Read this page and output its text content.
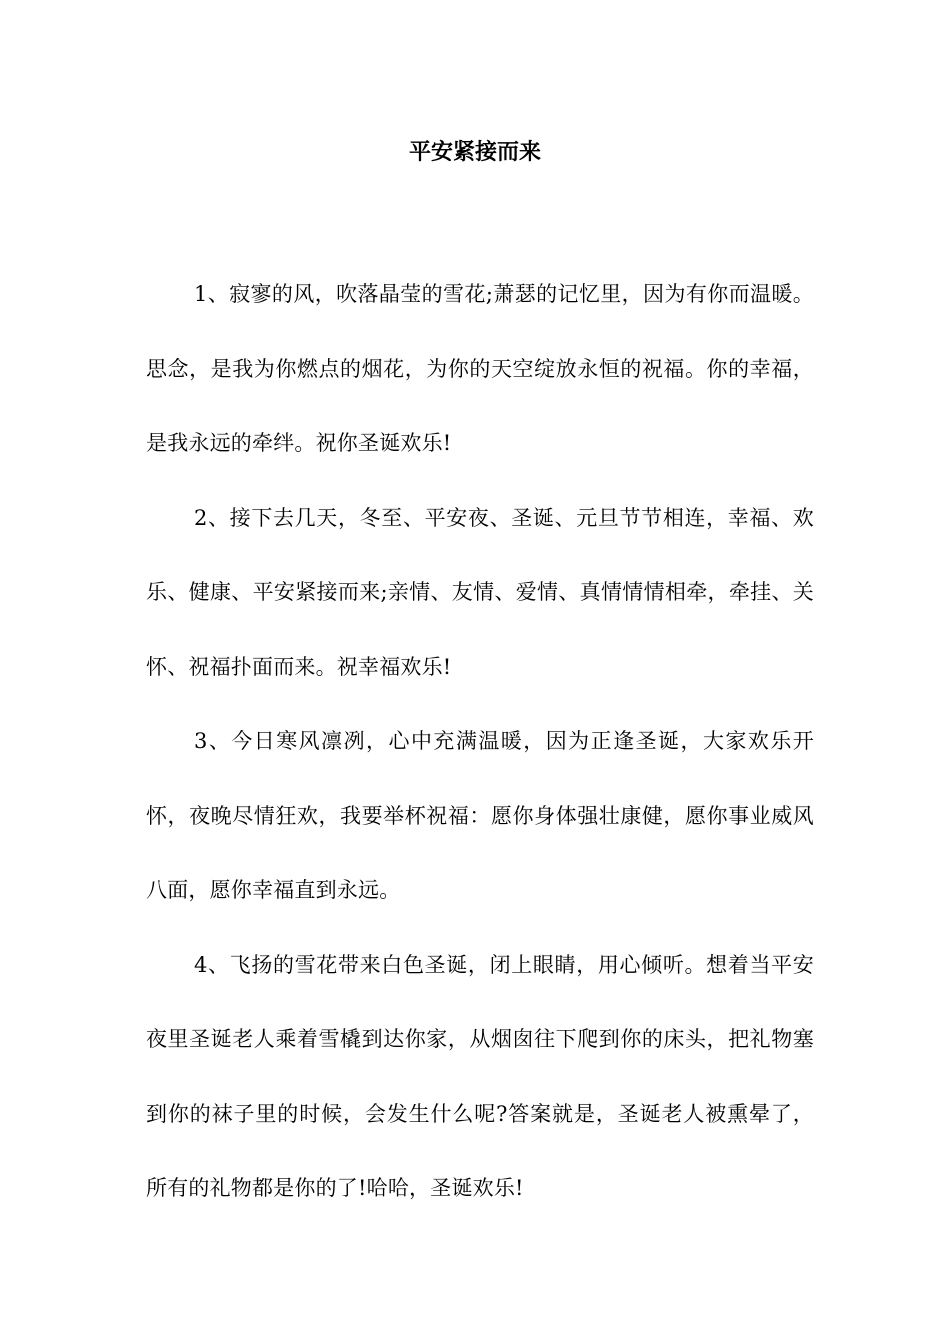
平安紧接而来

1、寂寥的风，吹落晶莹的雪花;萧瑟的记忆里，因为有你而温暖。思念，是我为你燃点的烟花，为你的天空绽放永恒的祝福。你的幸福，是我永远的牵绊。祝你圣诞欢乐!

2、接下去几天，冬至、平安夜、圣诞、元旦节节相连，幸福、欢乐、健康、平安紧接而来;亲情、友情、爱情、真情情情相牵，牵挂、关怀、祝福扑面而来。祝幸福欢乐!

3、今日寒风凛冽，心中充满温暖，因为正逢圣诞，大家欢乐开怀，夜晚尽情狂欢，我要举杯祝福：愿你身体强壮康健，愿你事业威风八面，愿你幸福直到永远。

4、飞扬的雪花带来白色圣诞，闭上眼睛，用心倾听。想着当平安夜里圣诞老人乘着雪橇到达你家，从烟囱往下爬到你的床头，把礼物塞到你的袜子里的时候，会发生什么呢?答案就是，圣诞老人被熏晕了，所有的礼物都是你的了!哈哈，圣诞欢乐!
